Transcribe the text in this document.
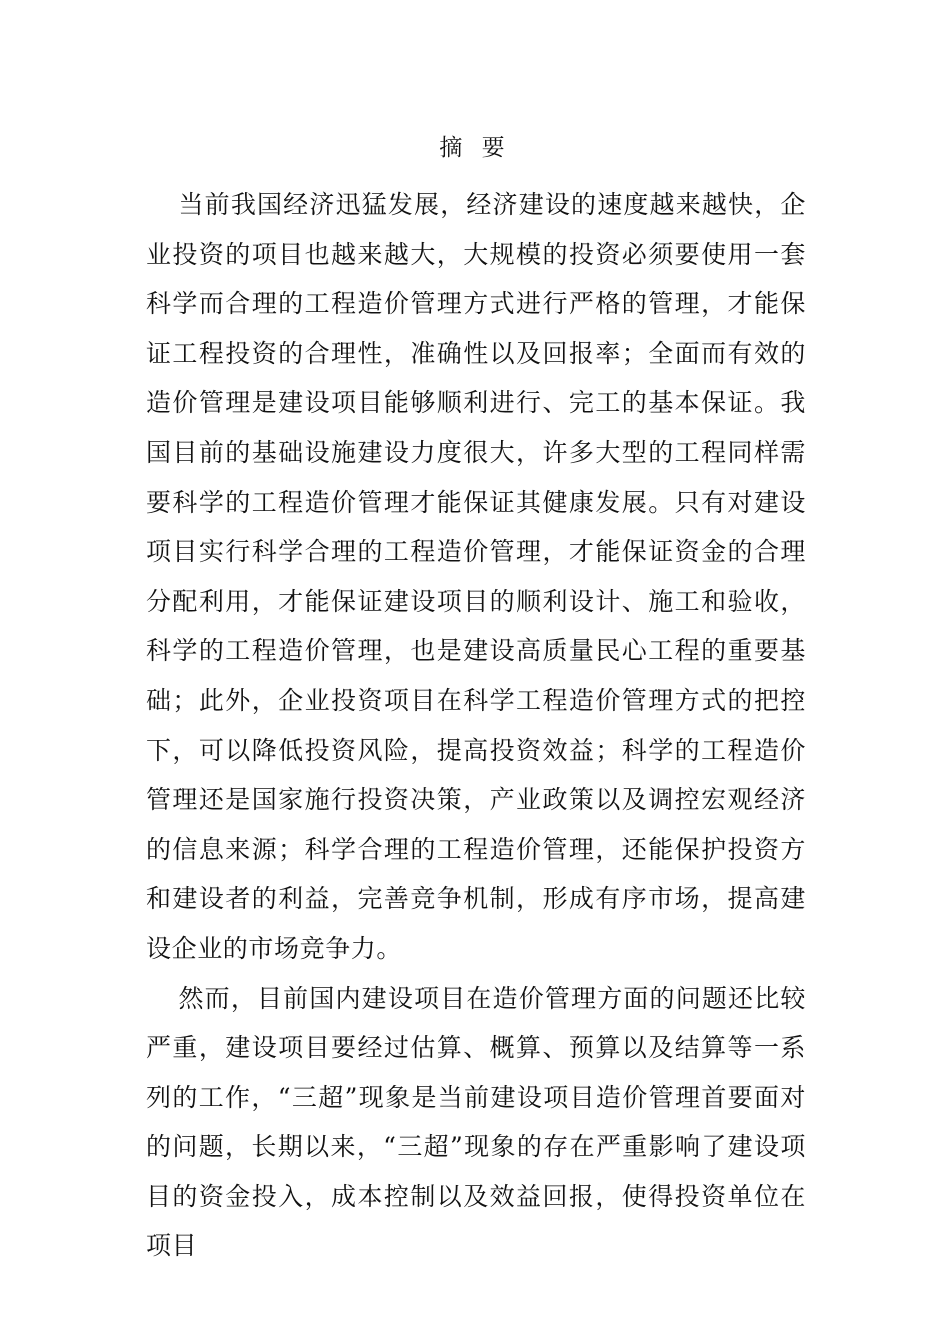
摘 要

当前我国经济迅猛发展，经济建设的速度越来越快，企业投资的项目也越来越大，大规模的投资必须要使用一套科学而合理的工程造价管理方式进行严格的管理，才能保证工程投资的合理性，准确性以及回报率；全面而有效的造价管理是建设项目能够顺利进行、完工的基本保证。我国目前的基础设施建设力度很大，许多大型的工程同样需要科学的工程造价管理才能保证其健康发展。只有对建设项目实行科学合理的工程造价管理，才能保证资金的合理分配利用，才能保证建设项目的顺利设计、施工和验收，科学的工程造价管理，也是建设高质量民心工程的重要基础；此外，企业投资项目在科学工程造价管理方式的把控下，可以降低投资风险，提高投资效益；科学的工程造价管理还是国家施行投资决策，产业政策以及调控宏观经济的信息来源；科学合理的工程造价管理，还能保护投资方和建设者的利益，完善竞争机制，形成有序市场，提高建设企业的市场竞争力。

然而，目前国内建设项目在造价管理方面的问题还比较严重，建设项目要经过估算、概算、预算以及结算等一系列的工作，“三超”现象是当前建设项目造价管理首要面对的问题，长期以来，“三超”现象的存在严重影响了建设项目的资金投入，成本控制以及效益回报，使得投资单位在项目
